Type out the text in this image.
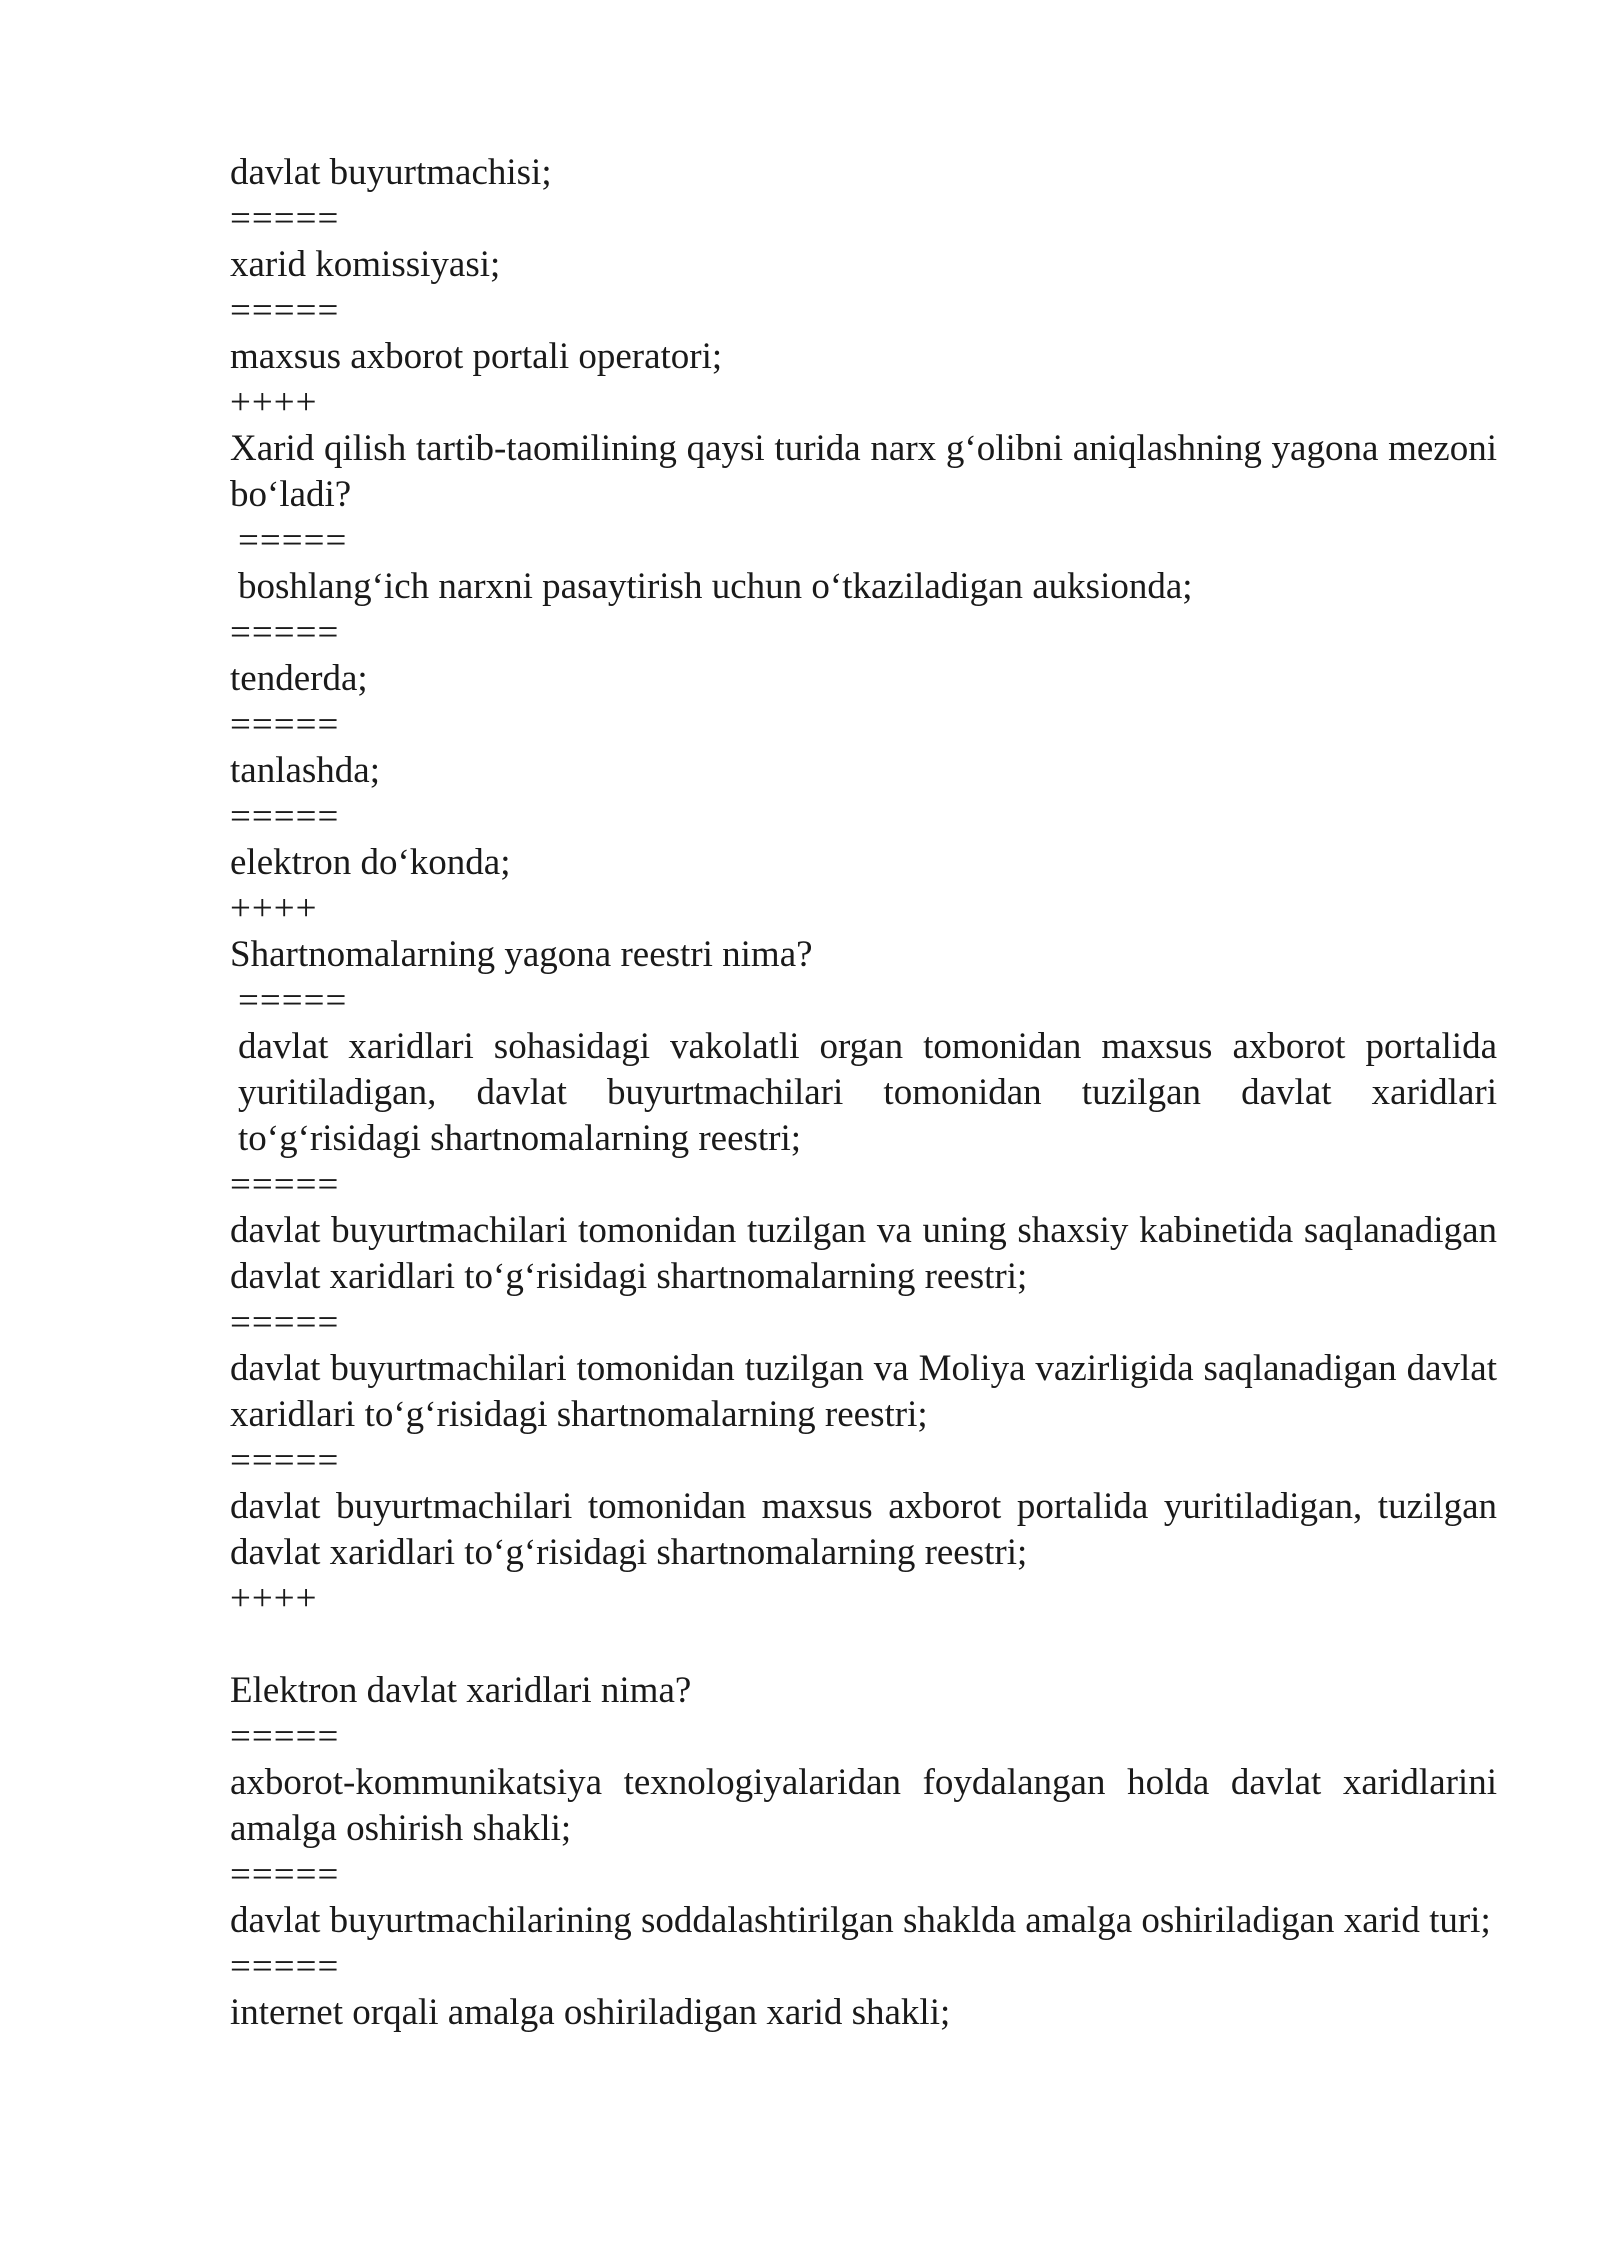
davlat buyurtmachisi;

=====

xarid komissiyasi;

=====

maxsus axborot portali operatori;

++++

Xarid qilish tartib-taomilining qaysi turida narx g‘olibni aniqlashning yagona mezoni bo‘ladi?

=====

boshlang‘ich narxni pasaytirish uchun o‘tkaziladigan auksionda;

=====

tenderda;

=====

tanlashda;

=====

elektron do‘konda;

++++

Shartnomalarning yagona reestri nima?

=====

davlat xaridlari sohasidagi vakolatli organ tomonidan maxsus axborot portalida yuritiladigan, davlat buyurtmachilari tomonidan tuzilgan davlat xaridlari to‘g‘risidagi shartnomalarning reestri;

=====

davlat buyurtmachilari tomonidan tuzilgan va uning shaxsiy kabinetida saqlanadigan davlat xaridlari to‘g‘risidagi shartnomalarning reestri;

=====

davlat buyurtmachilari tomonidan tuzilgan va Moliya vazirligida saqlanadigan davlat xaridlari to‘g‘risidagi shartnomalarning reestri;

=====

davlat buyurtmachilari tomonidan maxsus axborot portalida yuritiladigan, tuzilgan davlat xaridlari to‘g‘risidagi shartnomalarning reestri;

++++

Elektron davlat xaridlari nima?

=====

axborot-kommunikatsiya texnologiyalaridan foydalangan holda davlat xaridlarini amalga oshirish shakli;

=====

davlat buyurtmachilarining soddalashtirilgan shaklda amalga oshiriladigan xarid turi;

=====

internet orqali amalga oshiriladigan xarid shakli;
